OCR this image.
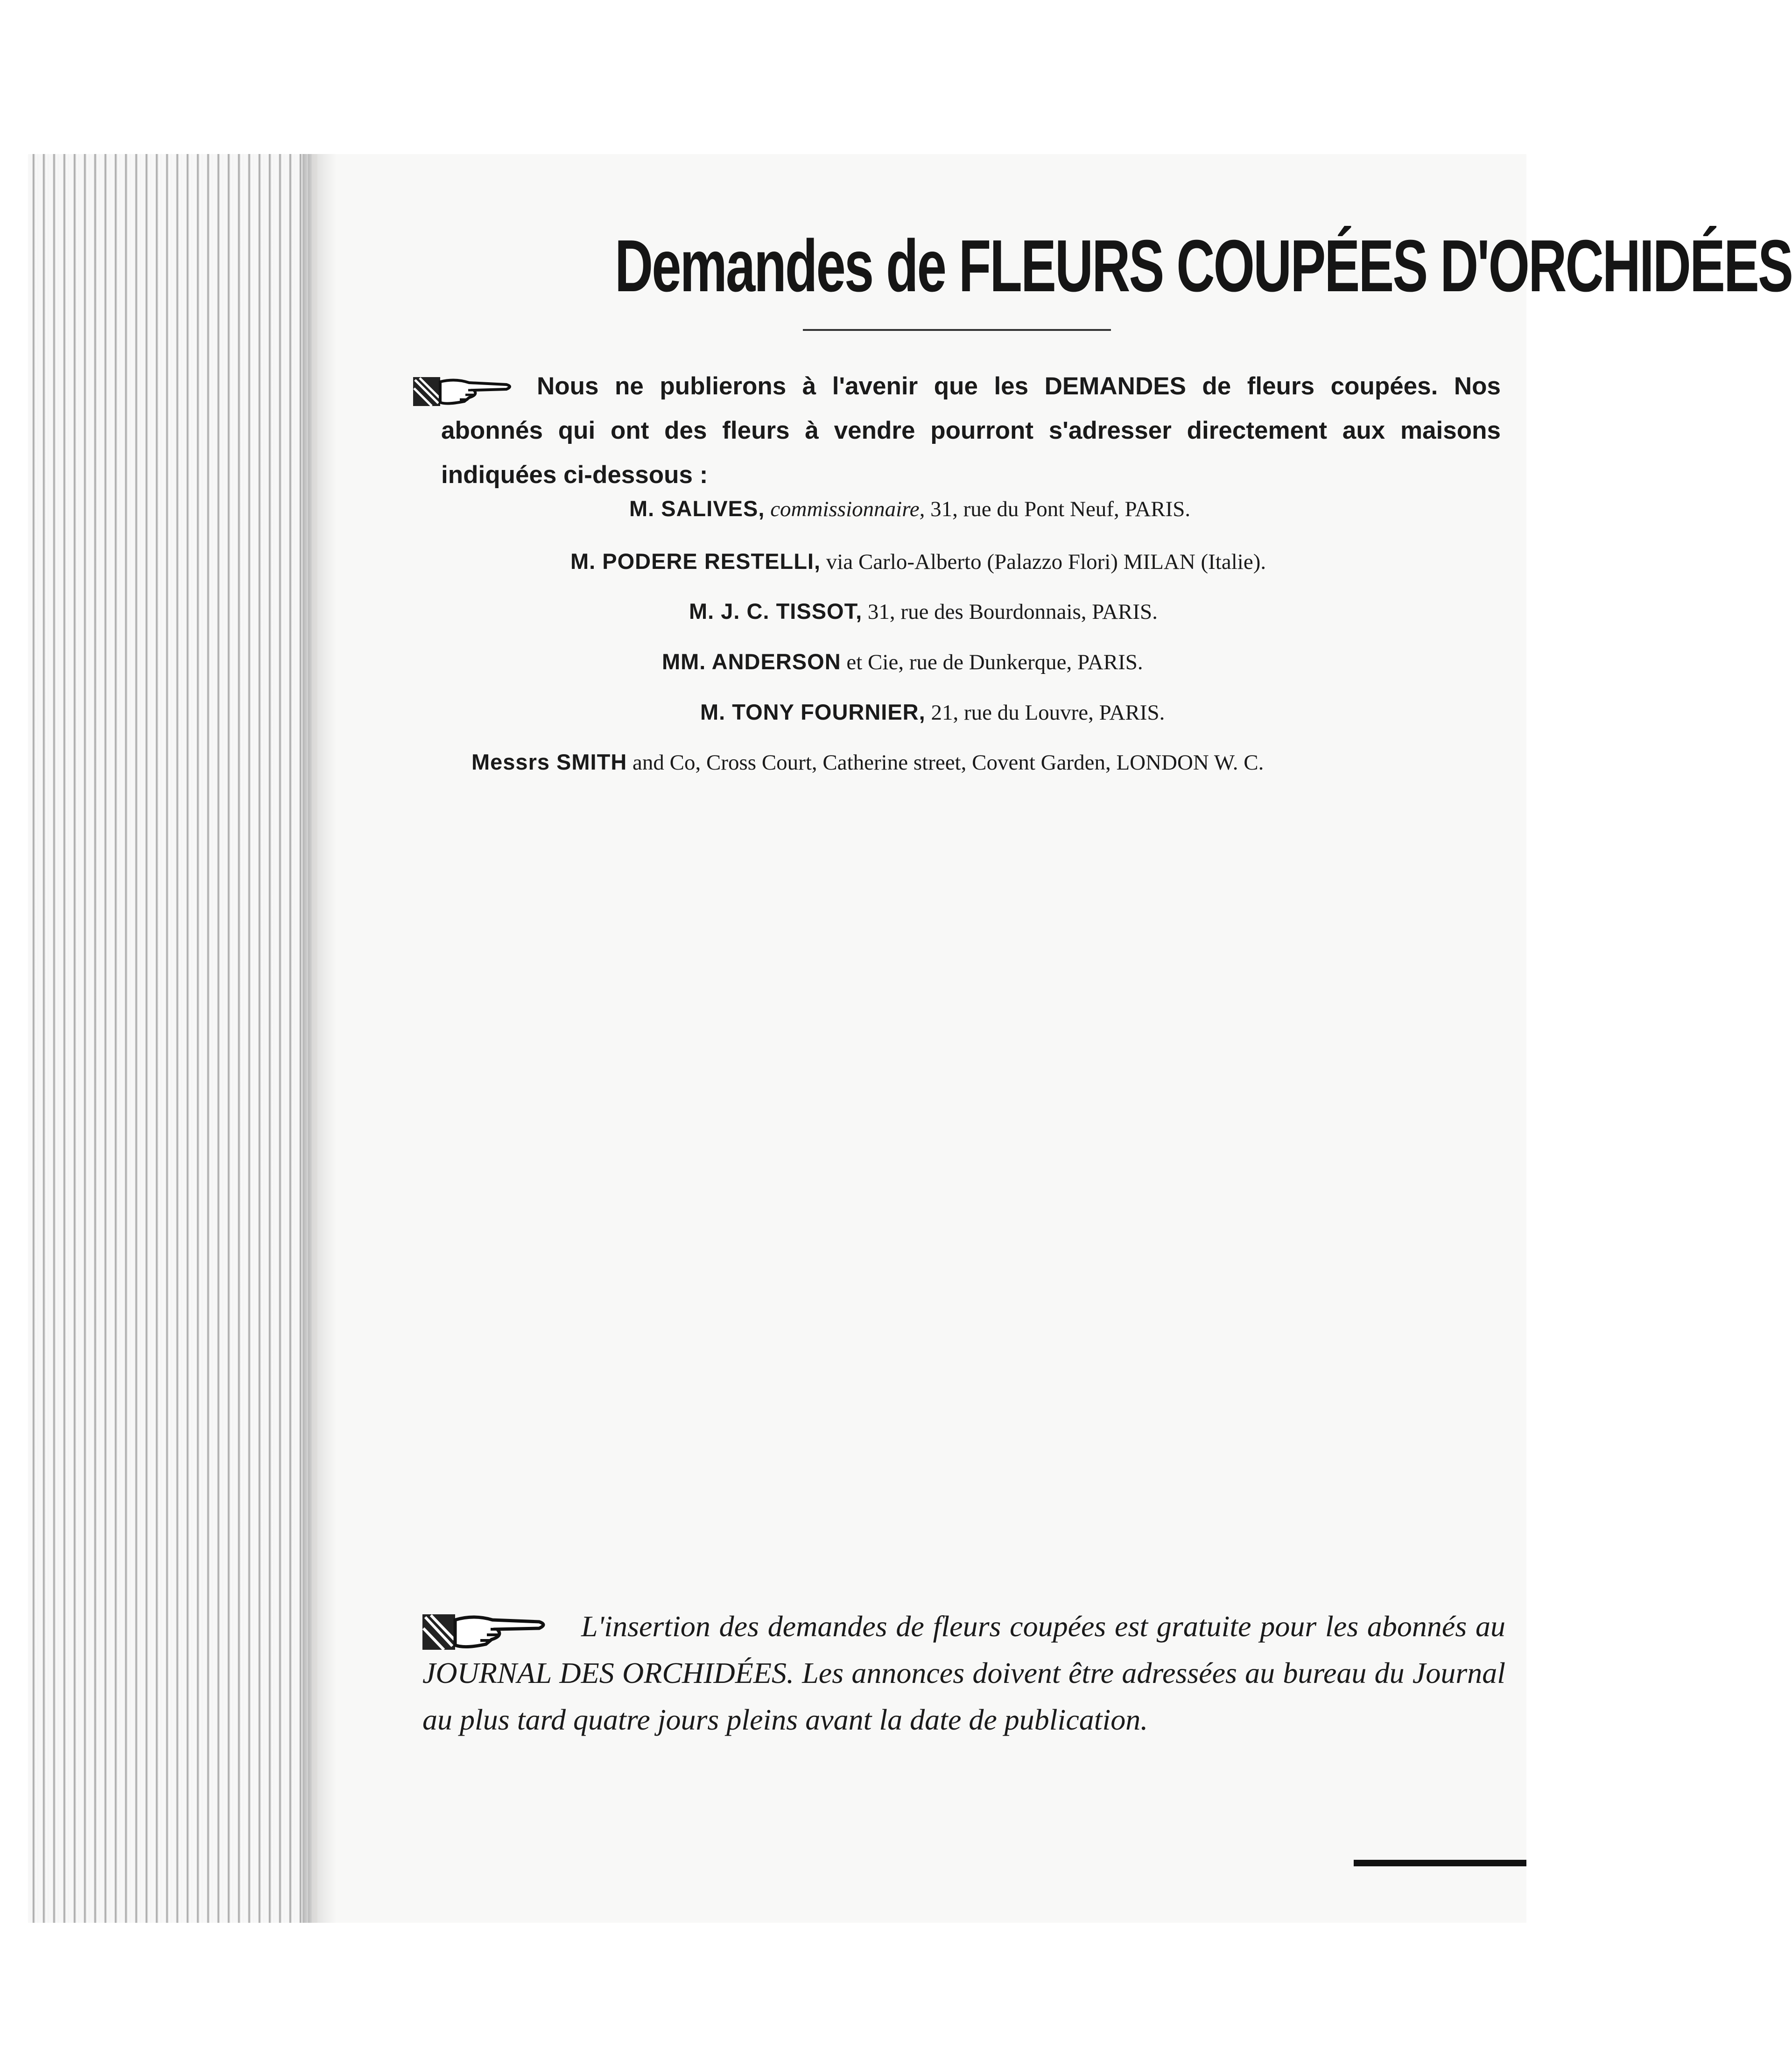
Demandes de FLEURS COUPÉES D'ORCHIDÉES
Nous ne publierons à l'avenir que les DEMANDES de fleurs coupées. Nos abonnés qui ont des fleurs à vendre pourront s'adresser directement aux maisons indiquées ci-dessous :
M. SALIVES, commissionnaire, 31, rue du Pont Neuf, PARIS.
M. PODERE RESTELLI, via Carlo-Alberto (Palazzo Flori) MILAN (Italie).
M. J. C. TISSOT, 31, rue des Bourdonnais, PARIS.
MM. ANDERSON et Cie, rue de Dunkerque, PARIS.
M. TONY FOURNIER, 21, rue du Louvre, PARIS.
Messrs SMITH and Co, Cross Court, Catherine street, Covent Garden, LONDON W. C.
L'insertion des demandes de fleurs coupées est gratuite pour les abonnés au JOURNAL DES ORCHIDÉES. Les annonces doivent être adressées au bureau du Journal au plus tard quatre jours pleins avant la date de publication.
